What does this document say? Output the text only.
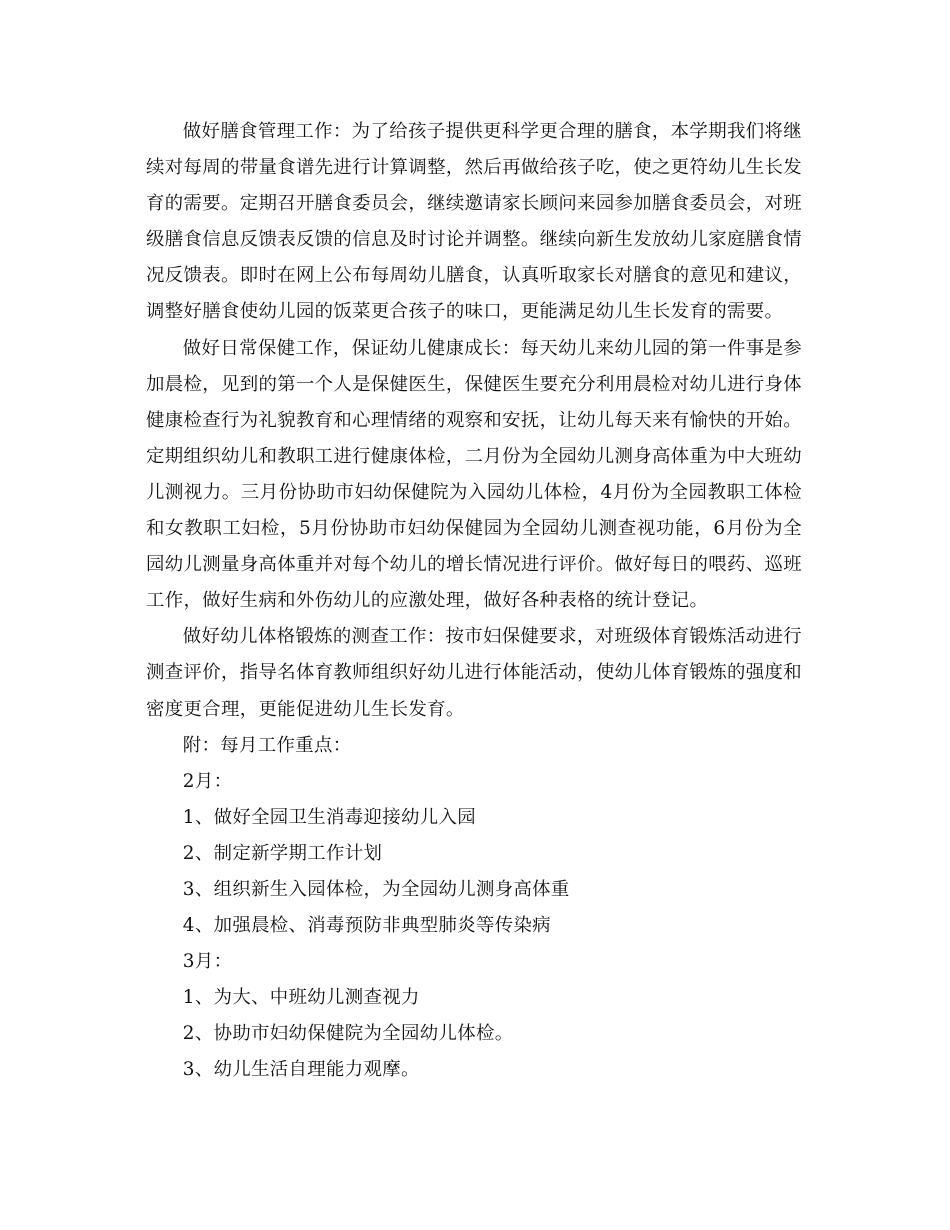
做好膳食管理工作：为了给孩子提供更科学更合理的膳食，本学期我们将继续对每周的带量食谱先进行计算调整，然后再做给孩子吃，使之更符幼儿生长发育的需要。定期召开膳食委员会，继续邀请家长顾问来园参加膳食委员会，对班级膳食信息反馈表反馈的信息及时讨论并调整。继续向新生发放幼儿家庭膳食情况反馈表。即时在网上公布每周幼儿膳食，认真听取家长对膳食的意见和建议，调整好膳食使幼儿园的饭菜更合孩子的味口，更能满足幼儿生长发育的需要。

做好日常保健工作，保证幼儿健康成长：每天幼儿来幼儿园的第一件事是参加晨检，见到的第一个人是保健医生，保健医生要充分利用晨检对幼儿进行身体健康检查行为礼貌教育和心理情绪的观察和安抚，让幼儿每天来有愉快的开始。定期组织幼儿和教职工进行健康体检，二月份为全园幼儿测身高体重为中大班幼儿测视力。三月份协助市妇幼保健院为入园幼儿体检，4月份为全园教职工体检和女教职工妇检，5月份协助市妇幼保健园为全园幼儿测查视功能，6月份为全园幼儿测量身高体重并对每个幼儿的增长情况进行评价。做好每日的喂药、巡班工作，做好生病和外伤幼儿的应激处理，做好各种表格的统计登记。

做好幼儿体格锻炼的测查工作：按市妇保健要求，对班级体育锻炼活动进行测查评价，指导名体育教师组织好幼儿进行体能活动，使幼儿体育锻炼的强度和密度更合理，更能促进幼儿生长发育。

附：每月工作重点：

2月：

1、做好全园卫生消毒迎接幼儿入园

2、制定新学期工作计划

3、组织新生入园体检，为全园幼儿测身高体重

4、加强晨检、消毒预防非典型肺炎等传染病

3月：

1、为大、中班幼儿测查视力

2、协助市妇幼保健院为全园幼儿体检。

3、幼儿生活自理能力观摩。
